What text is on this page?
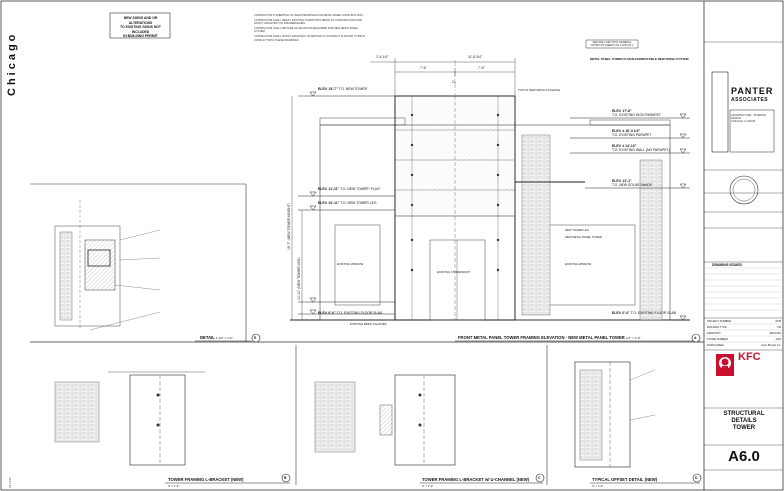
Chicago
A6.0 KFC
NEW SIGNS AND OR ALTERATIONS
TO EXISTING SIGNS NOT INCLUDED
IN BUILDING PERMIT
CONTRACTOR'S SUBMITTAL OF SHOP DRAWINGS FOR METAL PANEL CONSTRUCTION.
CONTRACTOR SHALL VERIFY EXISTING CONDITIONS PRIOR TO CONSTRUCTION AND NOTIFY ARCHITECT OF DISCREPANCIES.
CONTRACTOR SHALL PROVIDE ALL BLOCKING REQUIRED FOR NEW METAL PANEL SYSTEM.
CONTRACTOR SHALL NOTIFY ARCHITECT IN WRITING IF CONTRACT IS FOUND TO BE IN CONFLICT WITH THESE DRAWINGS.
SEE WALL SECTION, GENERAL NOTES ON SHEETS A0.0 AND A0.1
METAL PANEL TOWER IS NON-COMBUSTIBLE NEW FINISH SYSTEM
2'-6 1/4"	11'-8 3/4"
7'-6"	7'-6"
19'-7" (NEW TOWER HEIGHT)
10'-11" (NEW TOWER LEG)
ELEV. 19'-7" T.O. NEW TOWER
ELEV. 17'-6"
T.O. EXISTING HIGH PARAPET
ELEV. ± 16'-3 1/2"
T.O. EXISTING PARAPET
ELEV. ± 14'-10"
T.O. EXISTING WALL (NO PARAPET)
ELEV. 12'-1"
T.O. NEW SOLAR SHADE
ELEV. 11'-11" T.O. NEW TOWER "FLAG"
ELEV. 10'-11" T.O. NEW TOWER LEG
ELEV. 0'-0" T.O. EXISTING FLOOR SLAB	ELEV. 0'-0" T.O. EXISTING FLOOR SLAB
EXISTING WINDOW	EXISTING WINDOW
EXISTING STOREFRONT
CL
NEW TOWER LEG
NEW METAL PANEL TOWER
EXISTING BRICK PILASTER
TOP OF NEW METAL FLASHING
DETAIL 1 1/2" = 1'-0"	FRONT METAL PANEL TOWER FRAMING ELEVATION - NEW METAL PANEL TOWER 1/4" = 1'-0"
TOWER FRAMING L-BRACKET (NEW)	TOWER FRAMING L-BRACKET w/ U-CHANNEL (NEW)	TYPICAL OFFSET DETAIL (NEW)
3" = 1'-0"	3" = 1'-0"	3" = 1'-0"
E	A
B	C	D
PANTER
ASSOCIATES
ARCHITECTURE · INTERIOR DESIGN
CHICAGO, ILLINOIS
DRAWING ISSUED
KFC
STRUCTURAL
DETAILS
TOWER
A6.0
PROJECT NUMBER	1036
BUILDING TYPE	V-B
DRAWN BY	JRG/CMS
STORE NUMBER	J106
FRANCHISEE	Apex Brands Inc.
